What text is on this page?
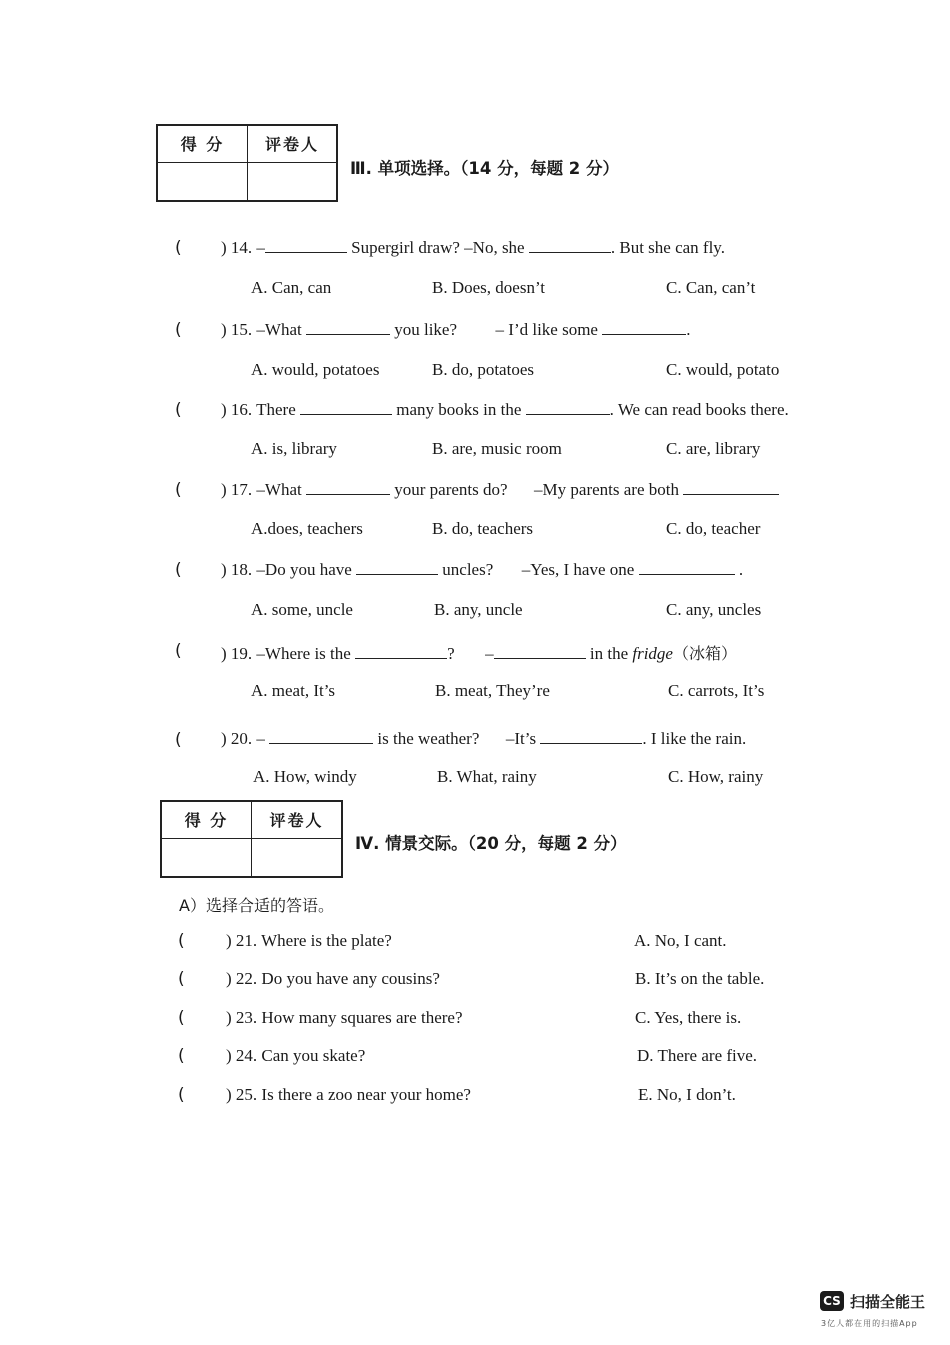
得 分	评卷人

Ⅲ. 单项选择。（14 分，每题 2 分）
( ) 14. –	Supergirl draw? –No, she	. But she can fly.
A. Can, can	B. Does, doesn’t	C. Can, can’t
( ) 15. –What	you like? – I’d like some	.
A. would, potatoes	B. do, potatoes	C. would, potato
( ) 16. There	many books in the	. We can read books there.
A. is, library	B. are, music room	C. are, library
( ) 17. –What	your parents do? –My parents are both
A.does, teachers	B. do, teachers	C. do, teacher
( ) 18. –Do you have	uncles? –Yes, I have one	.
A. some, uncle	B. any, uncle	C. any, uncles
( ) 19. –Where is the	? –	in the fridge（冰箱）
A. meat, It’s	B. meat, They’re	C. carrots, It’s
( ) 20. –	is the weather? –It’s	. I like the rain.
A. How, windy	B. What, rainy	C. How, rainy
得 分	评卷人

Ⅳ. 情景交际。（20 分，每题 2 分）
A）选择合适的答语。
( ) 21. Where is the plate?	A. No, I cant.
( ) 22. Do you have any cousins?	B. It’s on the table.
( ) 23. How many squares are there?	C. Yes, there is.
( ) 24. Can you skate?	D. There are five.
( ) 25. Is there a zoo near your home?	E. No, I don’t.
CS 扫描全能王
3亿人都在用的扫描App
